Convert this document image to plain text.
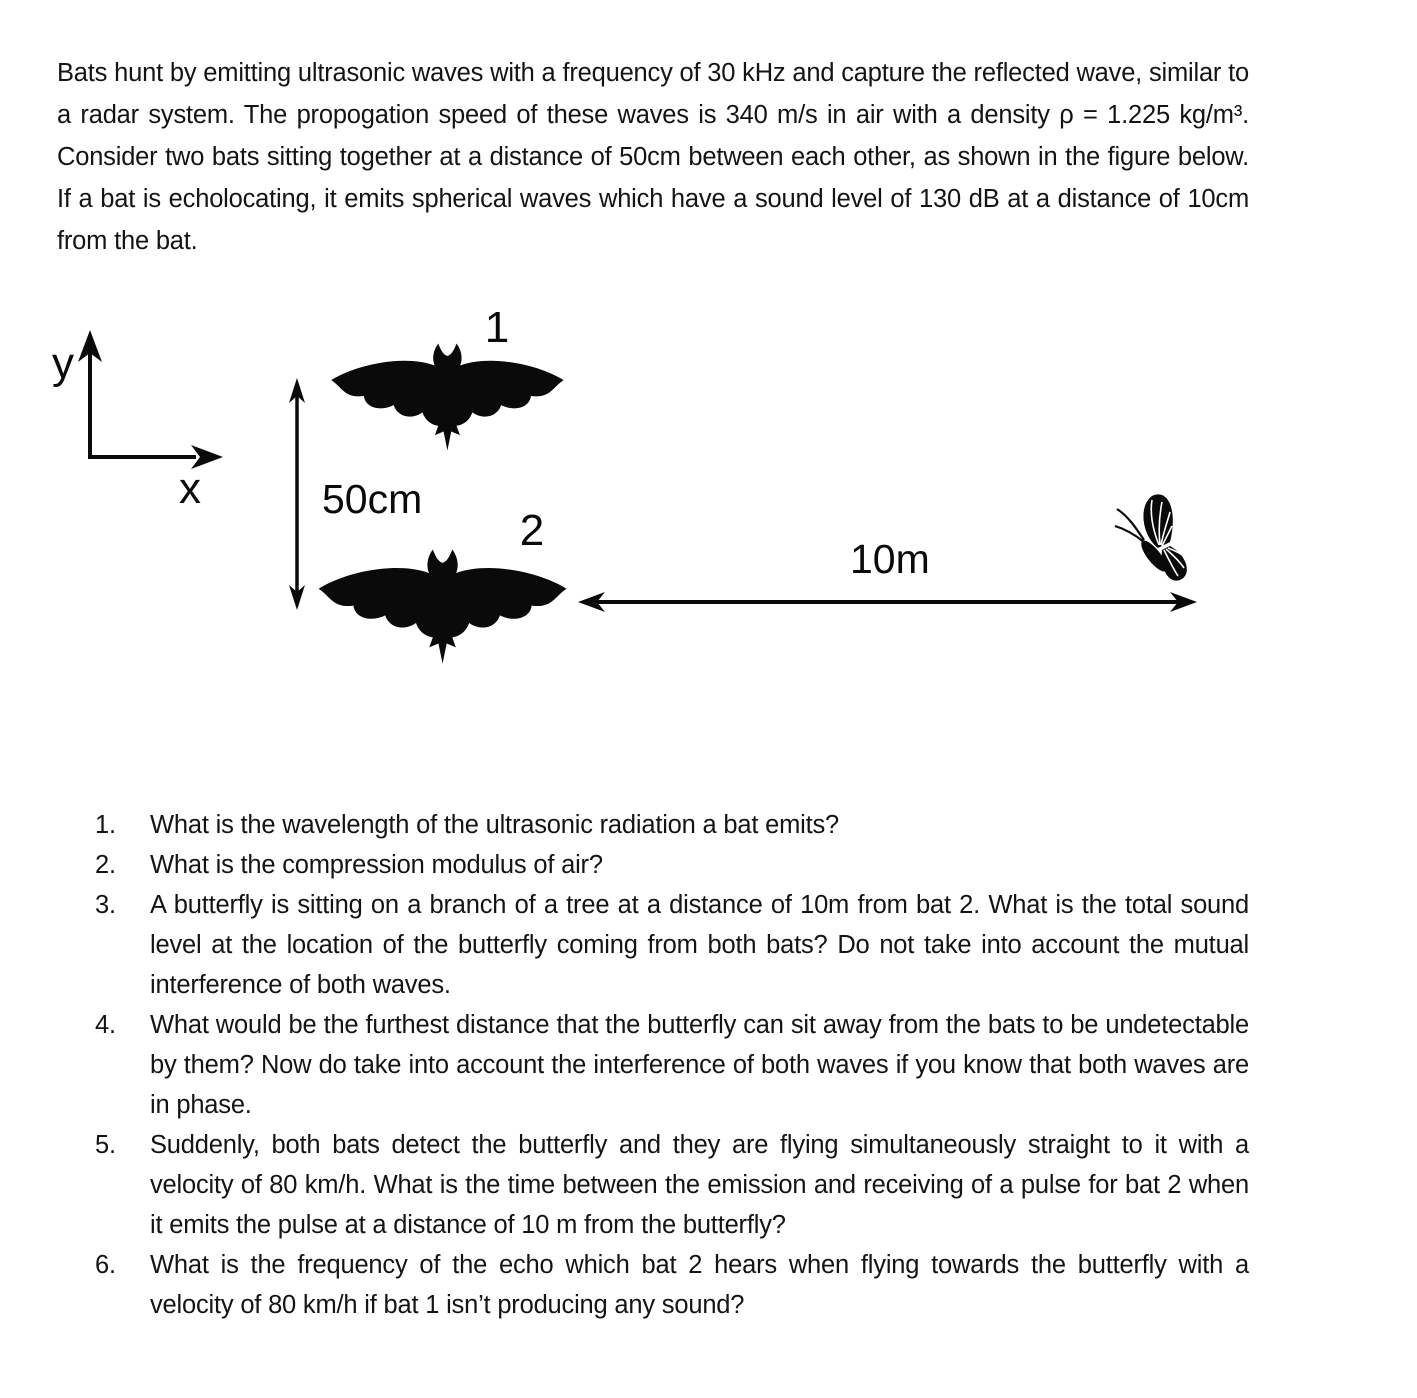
Bats hunt by emitting ultrasonic waves with a frequency of 30 kHz and capture the reflected wave, similar to a radar system. The propogation speed of these waves is 340 m/s in air with a density ρ = 1.225 kg/m³. Consider two bats sitting together at a distance of 50cm between each other, as shown in the figure below. If a bat is echolocating, it emits spherical waves which have a sound level of 130 dB at a distance of 10cm from the bat.

y
x
1
50cm
2
10m
1.	What is the wavelength of the ultrasonic radiation a bat emits?
2.	What is the compression modulus of air?
3.	A butterfly is sitting on a branch of a tree at a distance of 10m from bat 2. What is the total sound level at the location of the butterfly coming from both bats? Do not take into account the mutual interference of both waves.
4.	What would be the furthest distance that the butterfly can sit away from the bats to be undetectable by them? Now do take into account the interference of both waves if you know that both waves are in phase.
5.	Suddenly, both bats detect the butterfly and they are flying simultaneously straight to it with a velocity of 80 km/h. What is the time between the emission and receiving of a pulse for bat 2 when it emits the pulse at a distance of 10 m from the butterfly?
6.	What is the frequency of the echo which bat 2 hears when flying towards the butterfly with a velocity of 80 km/h if bat 1 isn’t producing any sound?
